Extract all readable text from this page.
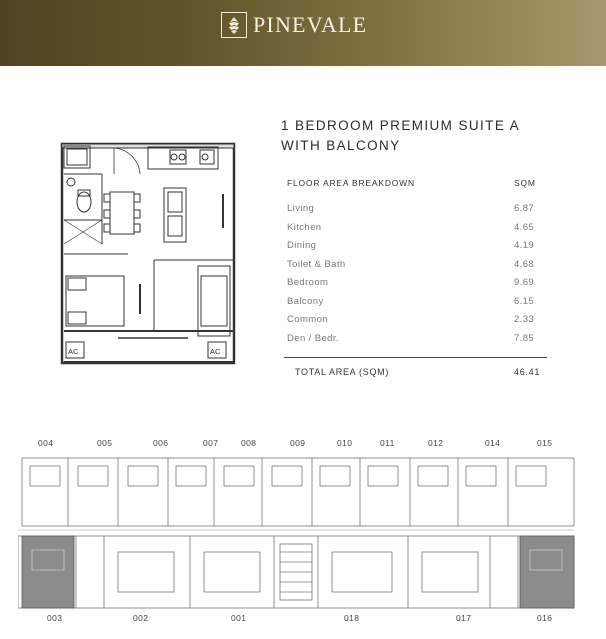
PINEVALE
AC	AC
1 BEDROOM PREMIUM SUITE A
WITH BALCONY
FLOOR AREA BREAKDOWN	SQM
Living	6.87
Kitchen	4.65
Dining	4.19
Toilet & Bath	4.68
Bedroom	9.69
Balcony	6.15
Common	2.33
Den / Bedr.	7.85
TOTAL AREA (SQM)	46.41
004	005	006	007	008	009	010	011	012	014	015
003	002	001	018	017	016
